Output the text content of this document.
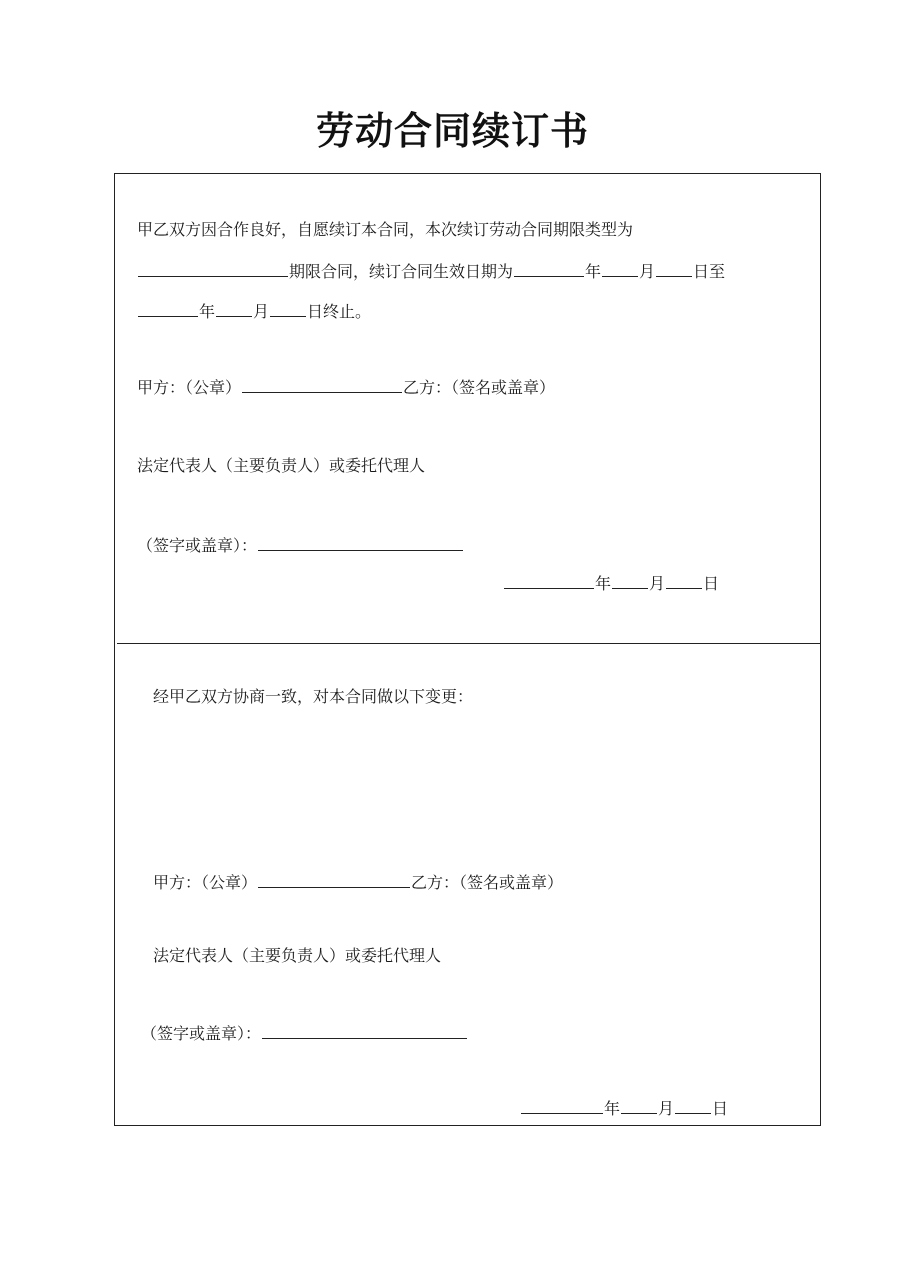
劳动合同续订书
甲乙双方因合作良好，自愿续订本合同，本次续订劳动合同期限类型为
期限合同，续订合同生效日期为	年 月 日至
年 月 日终止。
甲方：（公章）	乙方：（签名或盖章）
法定代表人（主要负责人）或委托代理人
（签字或盖章）：
年 月 日
经甲乙双方协商一致，对本合同做以下变更：
甲方：（公章）	乙方：（签名或盖章）
法定代表人（主要负责人）或委托代理人
（签字或盖章）：
年 月 日
